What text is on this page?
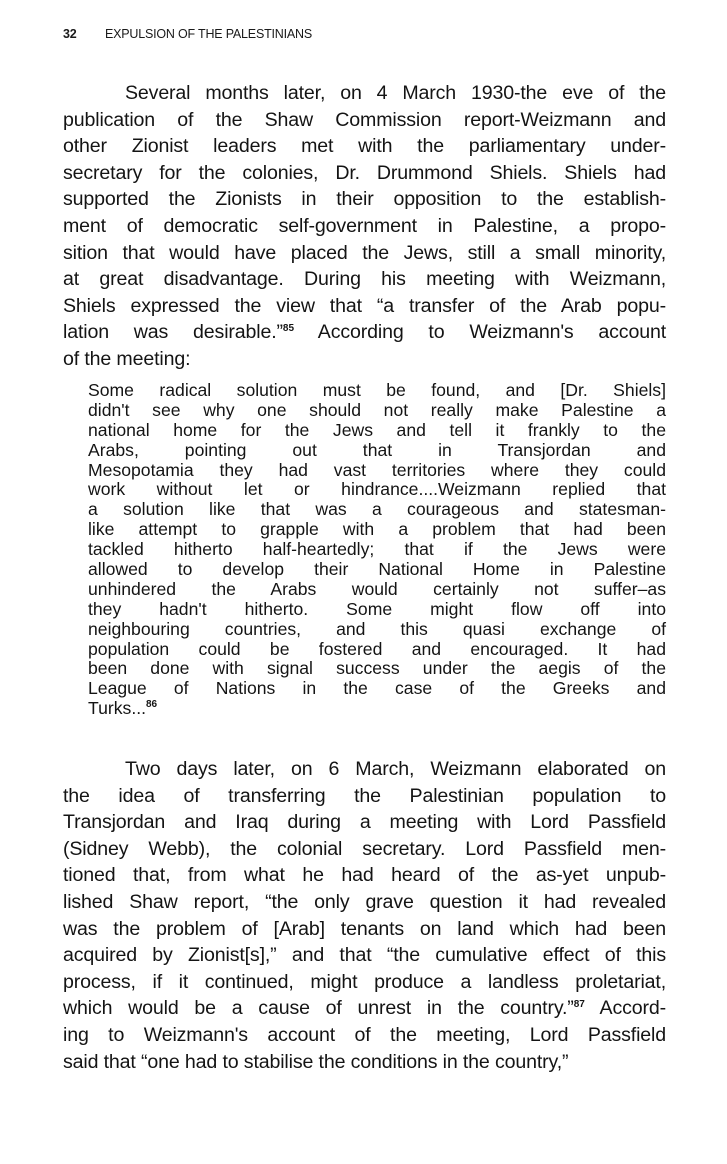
32 EXPULSION OF THE PALESTINIANS
Several months later, on 4 March 1930-the eve of the
publication of the Shaw Commission report-Weizmann and
other Zionist leaders met with the parliamentary under-
secretary for the colonies, Dr. Drummond Shiels. Shiels had
supported the Zionists in their opposition to the establish-
ment of democratic self-government in Palestine, a propo-
sition that would have placed the Jews, still a small minority,
at great disadvantage. During his meeting with Weizmann,
Shiels expressed the view that “a transfer of the Arab popu-
lation was desirable.”$^{85}$ According to Weizmann's account
of the meeting:
Some radical solution must be found, and [Dr. Shiels]
didn't see why one should not really make Palestine a
national home for the Jews and tell it frankly to the
Arabs, pointing out that in Transjordan and
Mesopotamia they had vast territories where they could
work without let or hindrance....Weizmann replied that
a solution like that was a courageous and statesman-
like attempt to grapple with a problem that had been
tackled hitherto half-heartedly; that if the Jews were
allowed to develop their National Home in Palestine
unhindered the Arabs would certainly not suffer–as
they hadn't hitherto. Some might flow off into
neighbouring countries, and this quasi exchange of
population could be fostered and encouraged. It had
been done with signal success under the aegis of the
League of Nations in the case of the Greeks and
Turks...$^{86}$
Two days later, on 6 March, Weizmann elaborated on
the idea of transferring the Palestinian population to
Transjordan and Iraq during a meeting with Lord Passfield
(Sidney Webb), the colonial secretary. Lord Passfield men-
tioned that, from what he had heard of the as-yet unpub-
lished Shaw report, “the only grave question it had revealed
was the problem of [Arab] tenants on land which had been
acquired by Zionist[s],” and that “the cumulative effect of this
process, if it continued, might produce a landless proletariat,
which would be a cause of unrest in the country.”$^{87}$ Accord-
ing to Weizmann's account of the meeting, Lord Passfield
said that “one had to stabilise the conditions in the country,”
